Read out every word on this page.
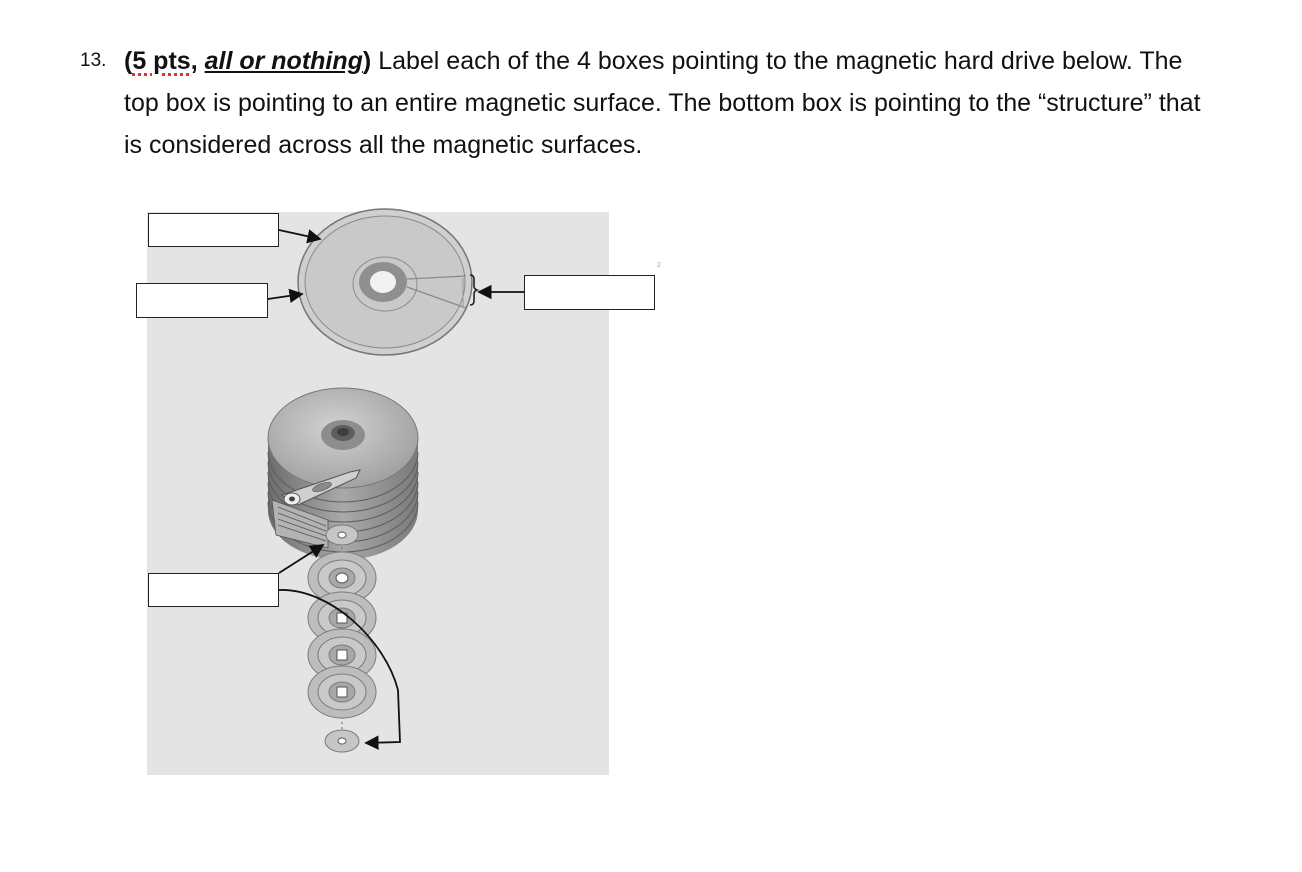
13. (5 pts, all or nothing) Label each of the 4 boxes pointing to the magnetic hard drive below. The top box is pointing to an entire magnetic surface. The bottom box is pointing to the “structure” that is considered across all the magnetic surfaces.
2
